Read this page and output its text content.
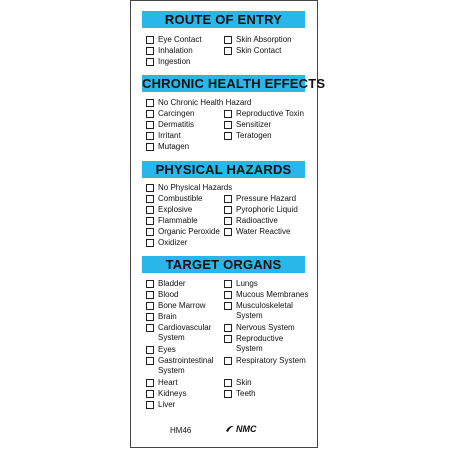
ROUTE OF ENTRY
Eye Contact
Inhalation
Ingestion
Skin Absorption
Skin Contact
CHRONIC HEALTH EFFECTS
No Chronic Health Hazard
Carcingen
Dermatitis
Irritant
Mutagen
Reproductive Toxin
Sensitizer
Teratogen
PHYSICAL HAZARDS
No Physical Hazards
Combustible
Explosive
Flammable
Organic Peroxide
Oxidizer
Pressure Hazard
Pyrophoric Liquid
Radioactive
Water Reactive
TARGET ORGANS
Bladder
Blood
Bone Marrow
Brain
Cardiovascular System
Eyes
Gastrointestinal System
Heart
Kidneys
Liver
Lungs
Mucous Membranes
Musculoskeletal System
Nervous System
Reproductive System
Respiratory System
Skin
Teeth
HM46	NMC
